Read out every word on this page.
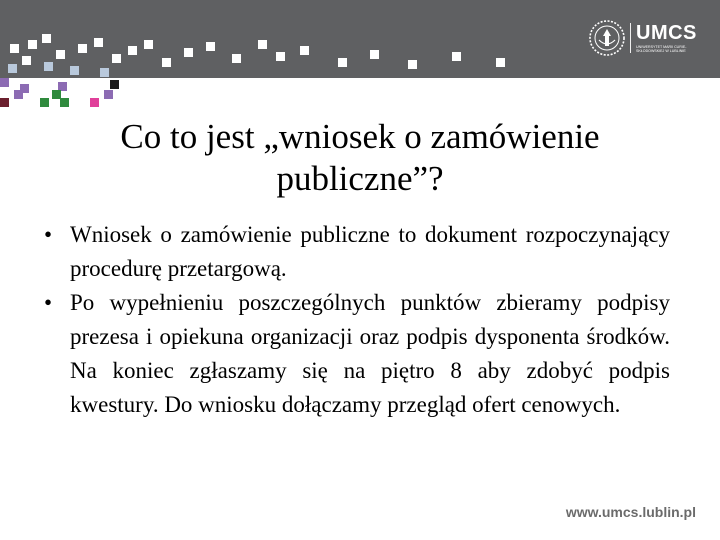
UMCS
UNIWERSYTET MARII CURIE-SKŁODOWSKIEJ W LUBLINIE
Co to jest „wniosek o zamówienie publiczne”?
• Wniosek o zamówienie publiczne to dokument rozpoczynający procedurę przetargową.
• Po wypełnieniu poszczególnych punktów zbieramy podpisy prezesa i opiekuna organizacji oraz podpis dysponenta środków. Na koniec zgłaszamy się na piętro 8 aby zdobyć podpis kwestury. Do wniosku dołączamy przegląd ofert cenowych.
www.umcs.lublin.pl
